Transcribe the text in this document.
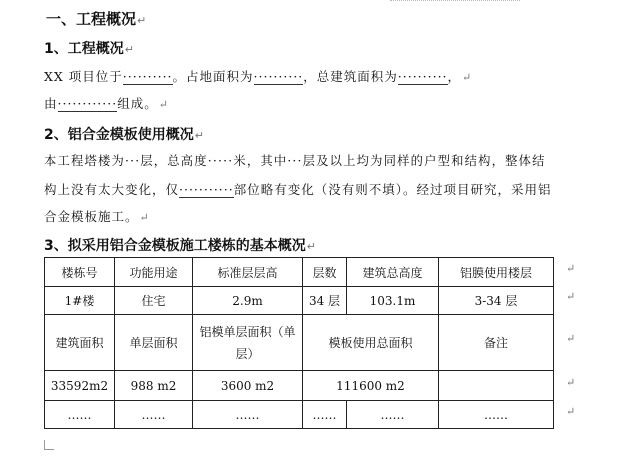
一、工程概况↵
1、工程概况↵
XX 项目位于··········。占地面积为··········，总建筑面积为··········，↵
由············组成。↵
2、铝合金模板使用概况↵
本工程塔楼为···层，总高度·····米，其中···层及以上均为同样的户型和结构，整体结
构上没有太大变化，仅···········部位略有变化（没有则不填）。经过项目研究，采用铝
合金模板施工。↵
3、拟采用铝合金模板施工楼栋的基本概况↵
楼栋号	功能用途	标准层层高	层数	建筑总高度	铝膜使用楼层
1#楼	住宅	2.9m	34 层	103.1m	3-34 层
建筑面积	单层面积	铝模单层面积（单层）	模板使用总面积		备注
33592m2	988 m2	3600 m2	111600 m2		
……	……	……	……	……	……
↵
↵
↵
↵
↵
